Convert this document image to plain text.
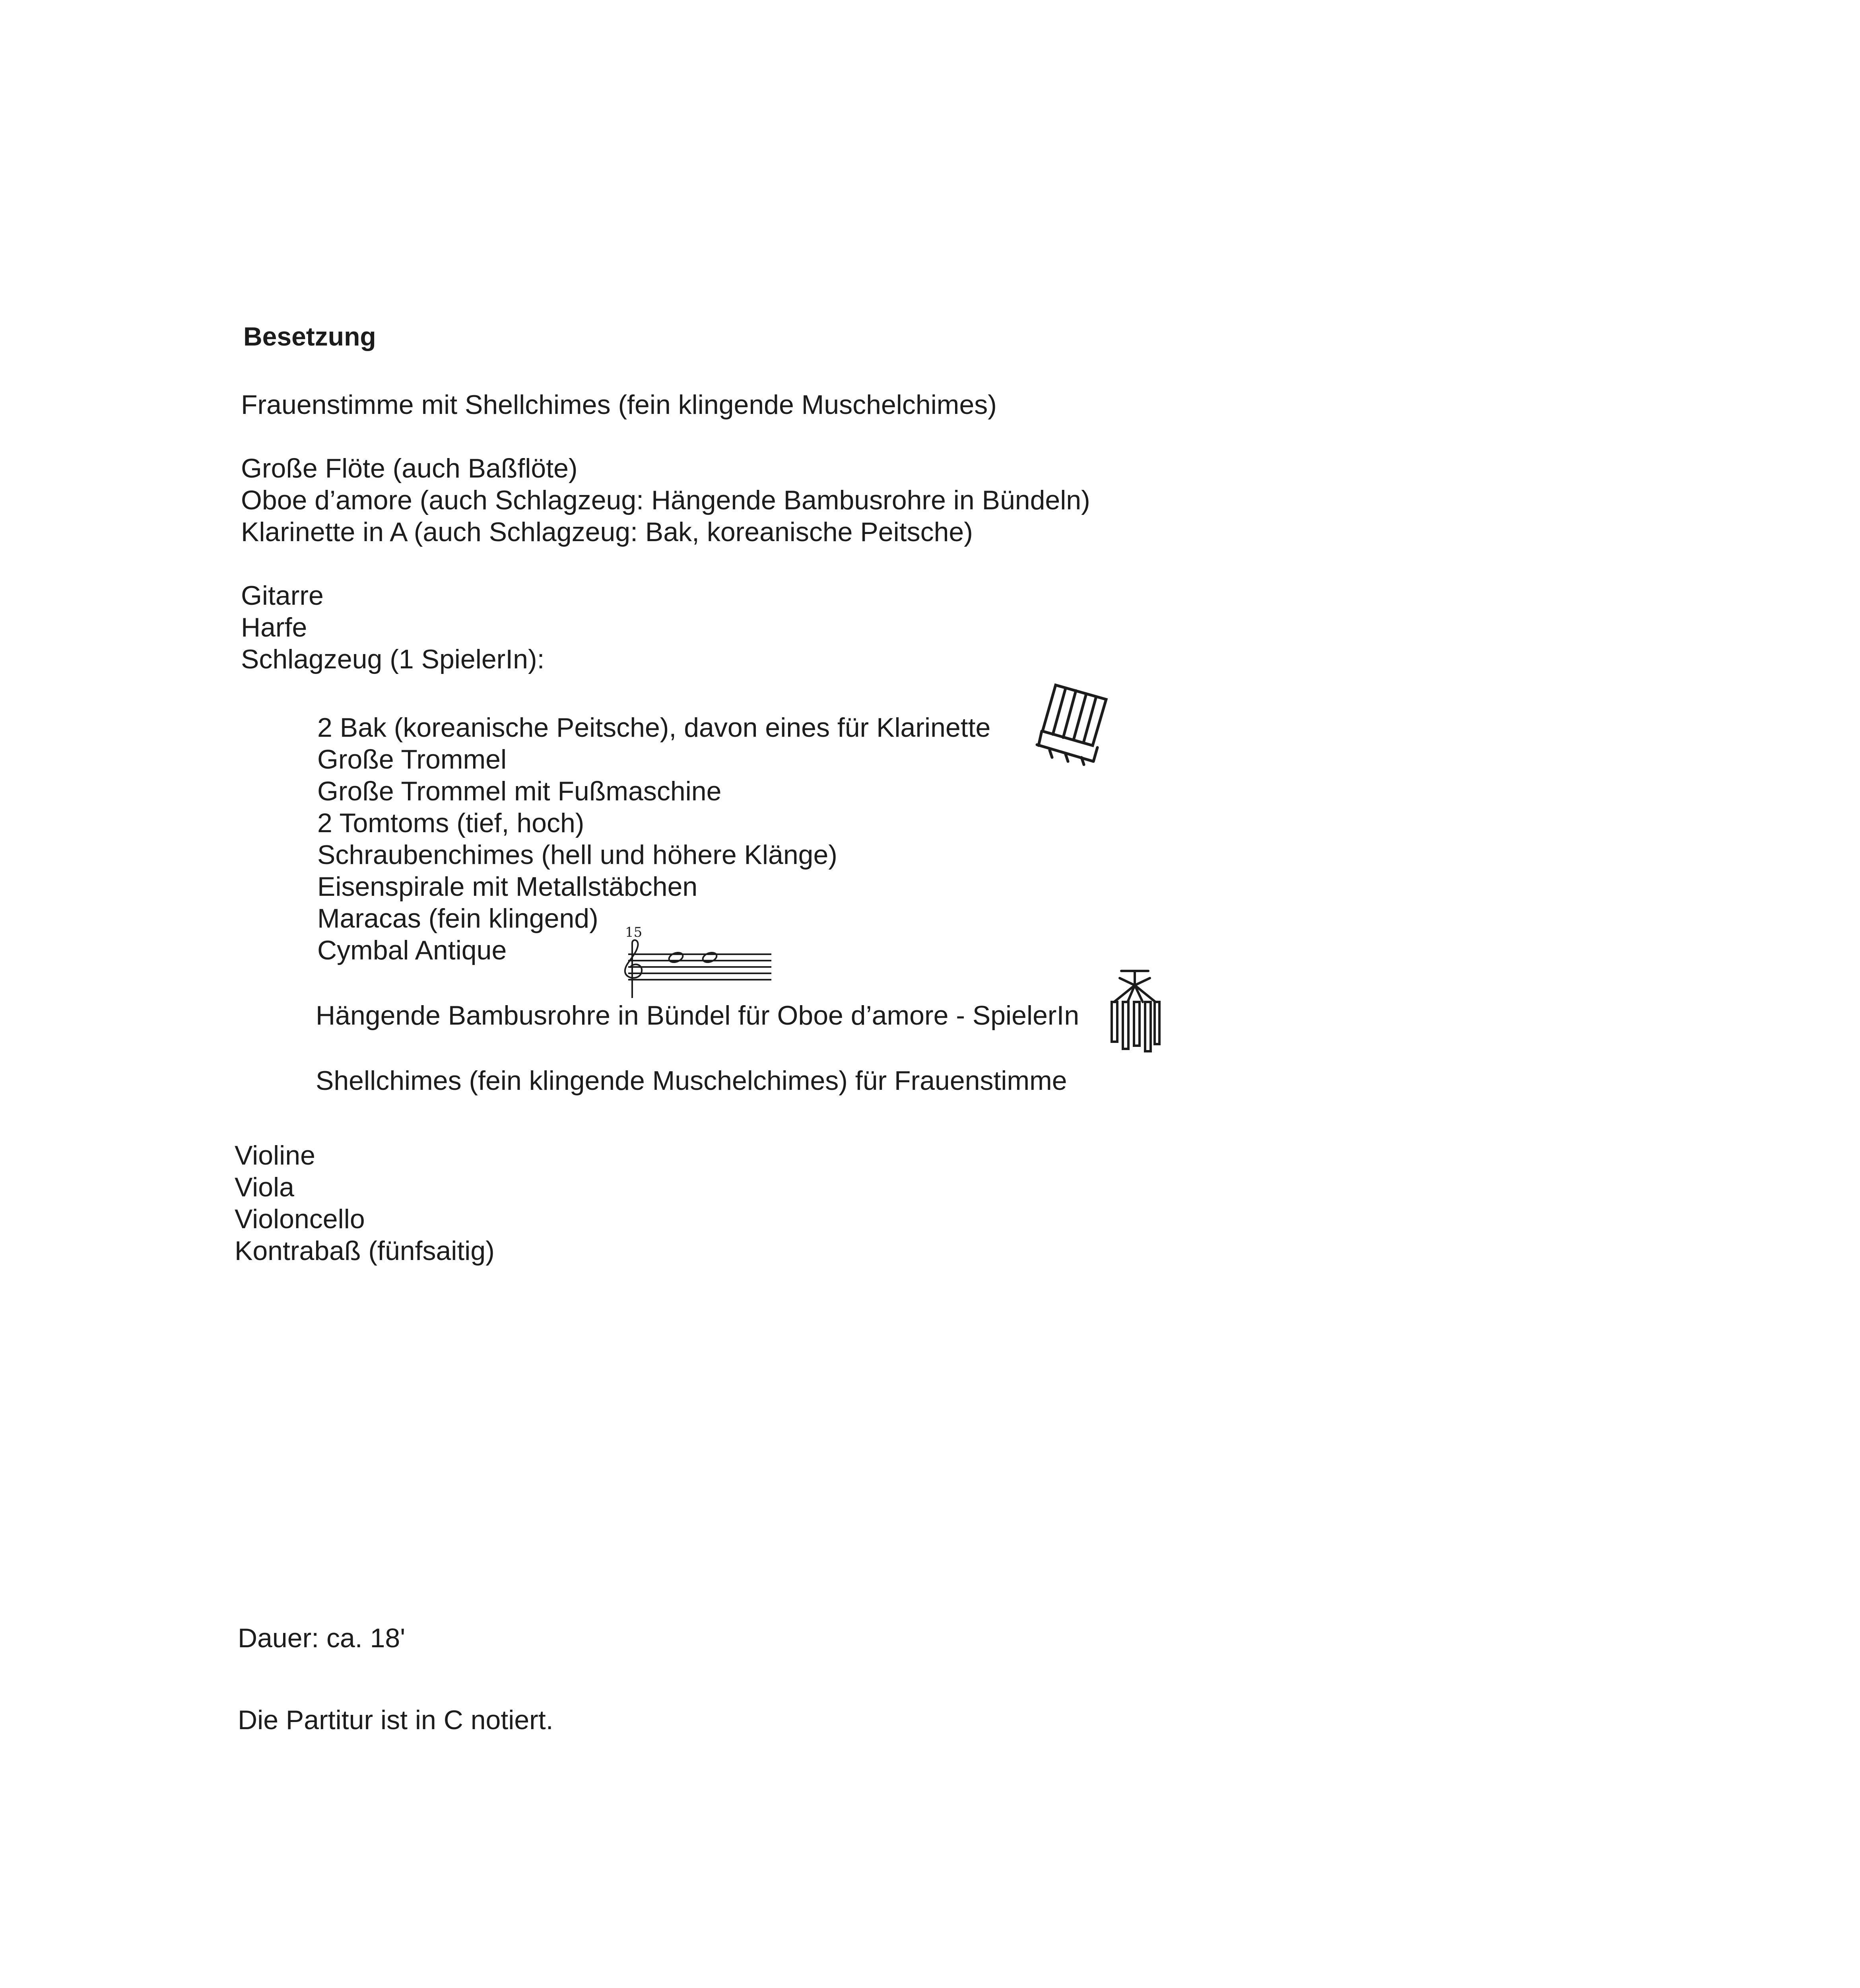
Besetzung
Frauenstimme mit Shellchimes (fein klingende Muschelchimes)
Große Flöte (auch Baßflöte)
Oboe d’amore (auch Schlagzeug: Hängende Bambusrohre in Bündeln)
Klarinette in A (auch Schlagzeug: Bak, koreanische Peitsche)
Gitarre
Harfe
Schlagzeug (1 SpielerIn):
2 Bak (koreanische Peitsche), davon eines für Klarinette
Große Trommel
Große Trommel mit Fußmaschine
2 Tomtoms (tief, hoch)
Schraubenchimes (hell und höhere Klänge)
Eisenspirale mit Metallstäbchen
Maracas (fein klingend)
Cymbal Antique
Hängende Bambusrohre in Bündel für Oboe d’amore - SpielerIn
Shellchimes (fein klingende Muschelchimes) für Frauenstimme
Violine
Viola
Violoncello
Kontrabaß (fünfsaitig)
Dauer: ca. 18'
Die Partitur ist in C notiert.
15
